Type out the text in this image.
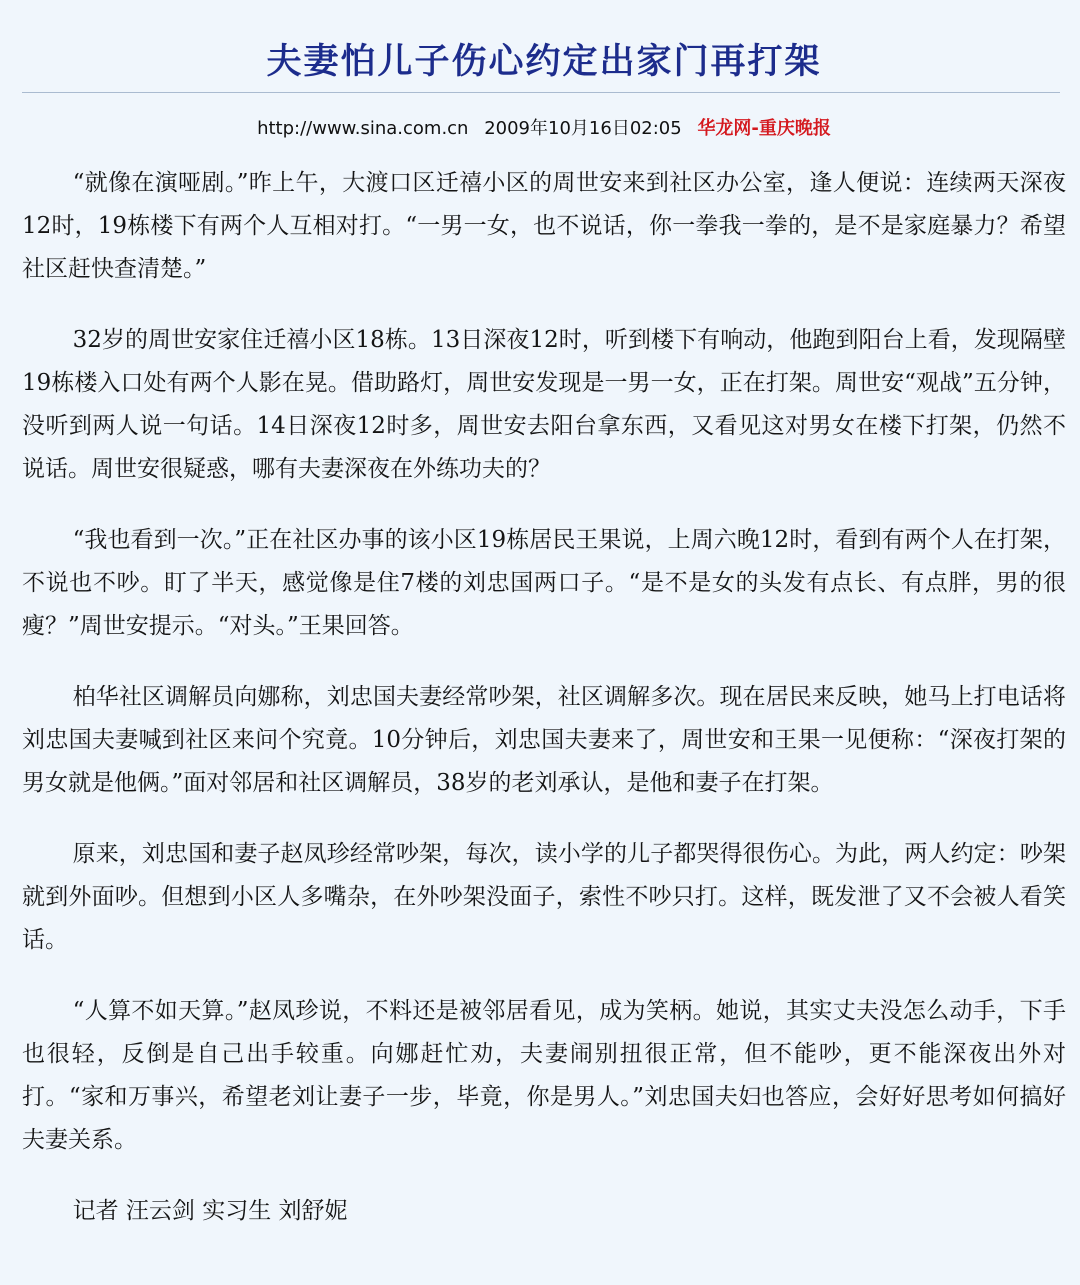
夫妻怕儿子伤心约定出家门再打架
http://www.sina.com.cn 2009年10月16日02:05 华龙网-重庆晚报

“就像在演哑剧。”昨上午，大渡口区迁禧小区的周世安来到社区办公室，逢人便说：连续两天深夜12时，19栋楼下有两个人互相对打。“一男一女，也不说话，你一拳我一拳的，是不是家庭暴力？希望社区赶快查清楚。”

32岁的周世安家住迁禧小区18栋。13日深夜12时，听到楼下有响动，他跑到阳台上看，发现隔壁19栋楼入口处有两个人影在晃。借助路灯，周世安发现是一男一女，正在打架。周世安“观战”五分钟，没听到两人说一句话。14日深夜12时多，周世安去阳台拿东西，又看见这对男女在楼下打架，仍然不说话。周世安很疑惑，哪有夫妻深夜在外练功夫的？

“我也看到一次。”正在社区办事的该小区19栋居民王果说，上周六晚12时，看到有两个人在打架，不说也不吵。盯了半天，感觉像是住7楼的刘忠国两口子。“是不是女的头发有点长、有点胖，男的很瘦？”周世安提示。“对头。”王果回答。

柏华社区调解员向娜称，刘忠国夫妻经常吵架，社区调解多次。现在居民来反映，她马上打电话将刘忠国夫妻喊到社区来问个究竟。10分钟后，刘忠国夫妻来了，周世安和王果一见便称：“深夜打架的男女就是他俩。”面对邻居和社区调解员，38岁的老刘承认，是他和妻子在打架。

原来，刘忠国和妻子赵凤珍经常吵架，每次，读小学的儿子都哭得很伤心。为此，两人约定：吵架就到外面吵。但想到小区人多嘴杂，在外吵架没面子，索性不吵只打。这样，既发泄了又不会被人看笑话。

“人算不如天算。”赵凤珍说，不料还是被邻居看见，成为笑柄。她说，其实丈夫没怎么动手，下手也很轻，反倒是自己出手较重。向娜赶忙劝，夫妻闹别扭很正常，但不能吵，更不能深夜出外对打。“家和万事兴，希望老刘让妻子一步，毕竟，你是男人。”刘忠国夫妇也答应，会好好思考如何搞好夫妻关系。

记者 汪云剑 实习生 刘舒妮
